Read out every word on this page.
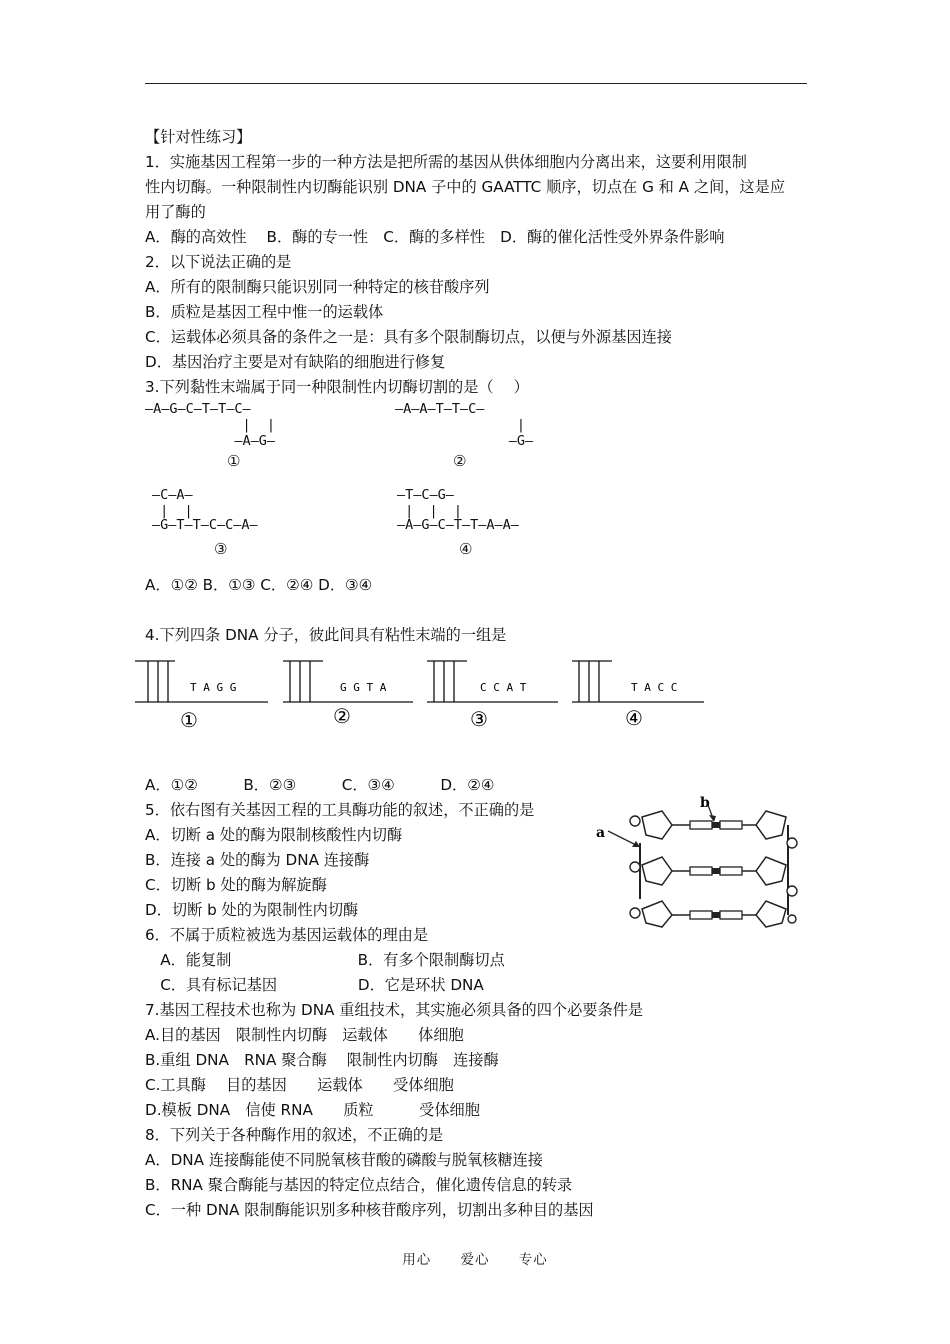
【针对性练习】
1．实施基因工程第一步的一种方法是把所需的基因从供体细胞内分离出来，这要利用限制
性内切酶。一种限制性内切酶能识别 DNA 子中的 GAATTC 顺序，切点在 G 和 A 之间，这是应
用了酶的
A．酶的高效性　 B．酶的专一性　C．酶的多样性　D．酶的催化活性受外界条件影响
2．以下说法正确的是
A．所有的限制酶只能识别同一种特定的核苷酸序列
B．质粒是基因工程中惟一的运载体
C．运载体必须具备的条件之一是：具有多个限制酶切点，以便与外源基因连接
D．基因治疗主要是对有缺陷的细胞进行修复
3.下列黏性末端属于同一种限制性内切酶切割的是（　 ）
—A—G—C—T—T—C—
|  |
—A—G—
①
—A—A—T—T—C—
|
—G—
②
—C—A—
|  |
—G—T—T—C—C—A—
③
—T—C—G—
|  |  |
—A—G—C—T—T—A—A—
④
A．①② B．①③ C．②④ D．③④
4.下列四条 DNA 分子，彼此间具有粘性末端的一组是
T A G G
①
G G T A
②
C C A T
③
T A C C
④
A．①②　　　B．②③　　　C．③④　　　D．②④
5．依右图有关基因工程的工具酶功能的叙述，不正确的是
A．切断 a 处的酶为限制核酸性内切酶
B．连接 a 处的酶为 DNA 连接酶
C．切断 b 处的酶为解旋酶
D．切断 b 处的为限制性内切酶
a
b
6．不属于质粒被选为基因运载体的理由是
　A．能复制　　　　　　　　 B．有多个限制酶切点
　C．具有标记基因　　　　　 D．它是环状 DNA
7.基因工程技术也称为 DNA 重组技术，其实施必须具备的四个必要条件是
A.目的基因　限制性内切酶　运载体　　体细胞
B.重组 DNA　RNA 聚合酶　 限制性内切酶　连接酶
C.工具酶　 目的基因　　运载体　　受体细胞
D.模板 DNA　信使 RNA　　质粒　　　受体细胞
8．下列关于各种酶作用的叙述，不正确的是
A．DNA 连接酶能使不同脱氧核苷酸的磷酸与脱氧核糖连接
B．RNA 聚合酶能与基因的特定位点结合，催化遗传信息的转录
C．一种 DNA 限制酶能识别多种核苷酸序列，切割出多种目的基因
用心 爱心 专心
